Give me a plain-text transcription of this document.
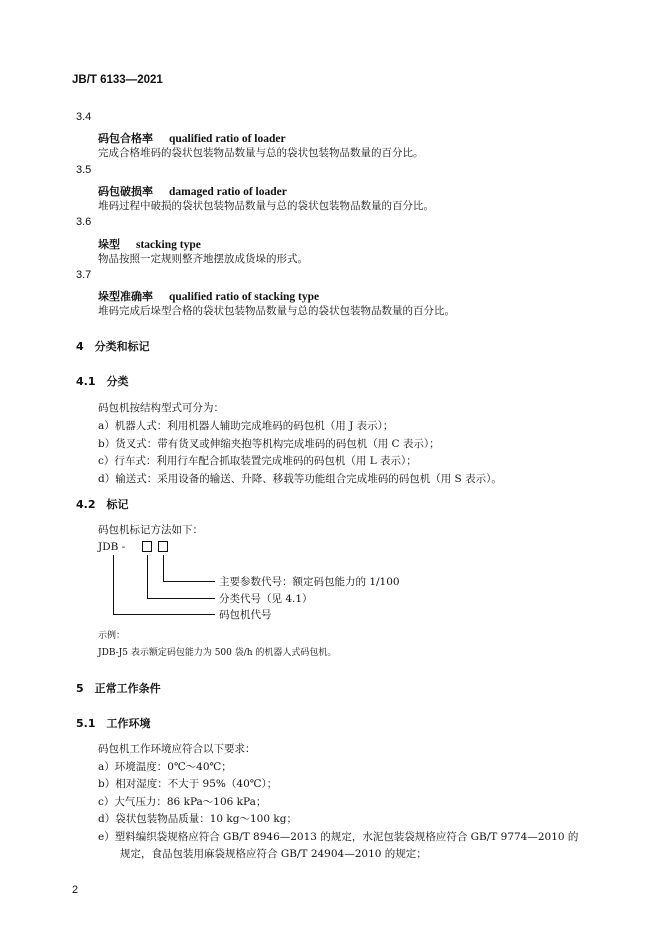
JB/T 6133—2021
3.4
码包合格率 qualified ratio of loader
完成合格堆码的袋状包装物品数量与总的袋状包装物品数量的百分比。
3.5
码包破损率 damaged ratio of loader
堆码过程中破损的袋状包装物品数量与总的袋状包装物品数量的百分比。
3.6
垛型 stacking type
物品按照一定规则整齐地摆放成货垛的形式。
3.7
垛型准确率 qualified ratio of stacking type
堆码完成后垛型合格的袋状包装物品数量与总的袋状包装物品数量的百分比。
4　分类和标记
4.1　分类
码包机按结构型式可分为：
a）机器人式：利用机器人辅助完成堆码的码包机（用 J 表示）；
b）货叉式：带有货叉或伸缩夹抱等机构完成堆码的码包机（用 C 表示）；
c）行车式：利用行车配合抓取装置完成堆码的码包机（用 L 表示）；
d）输送式：采用设备的输送、升降、移载等功能组合完成堆码的码包机（用 S 表示）。
4.2　标记
码包机标记方法如下：
JDB -
主要参数代号：额定码包能力的 1/100
分类代号（见 4.1）
码包机代号
示例：
JDB-J5 表示额定码包能力为 500 袋/h 的机器人式码包机。
5　正常工作条件
5.1　工作环境
码包机工作环境应符合以下要求：
a）环境温度：0℃～40℃；
b）相对湿度：不大于 95%（40℃）；
c）大气压力：86 kPa～106 kPa；
d）袋状包装物品质量：10 kg～100 kg；
e）塑料编织袋规格应符合 GB/T 8946—2013 的规定，水泥包装袋规格应符合 GB/T 9774—2010 的
规定，食品包装用麻袋规格应符合 GB/T 24904—2010 的规定；
2
